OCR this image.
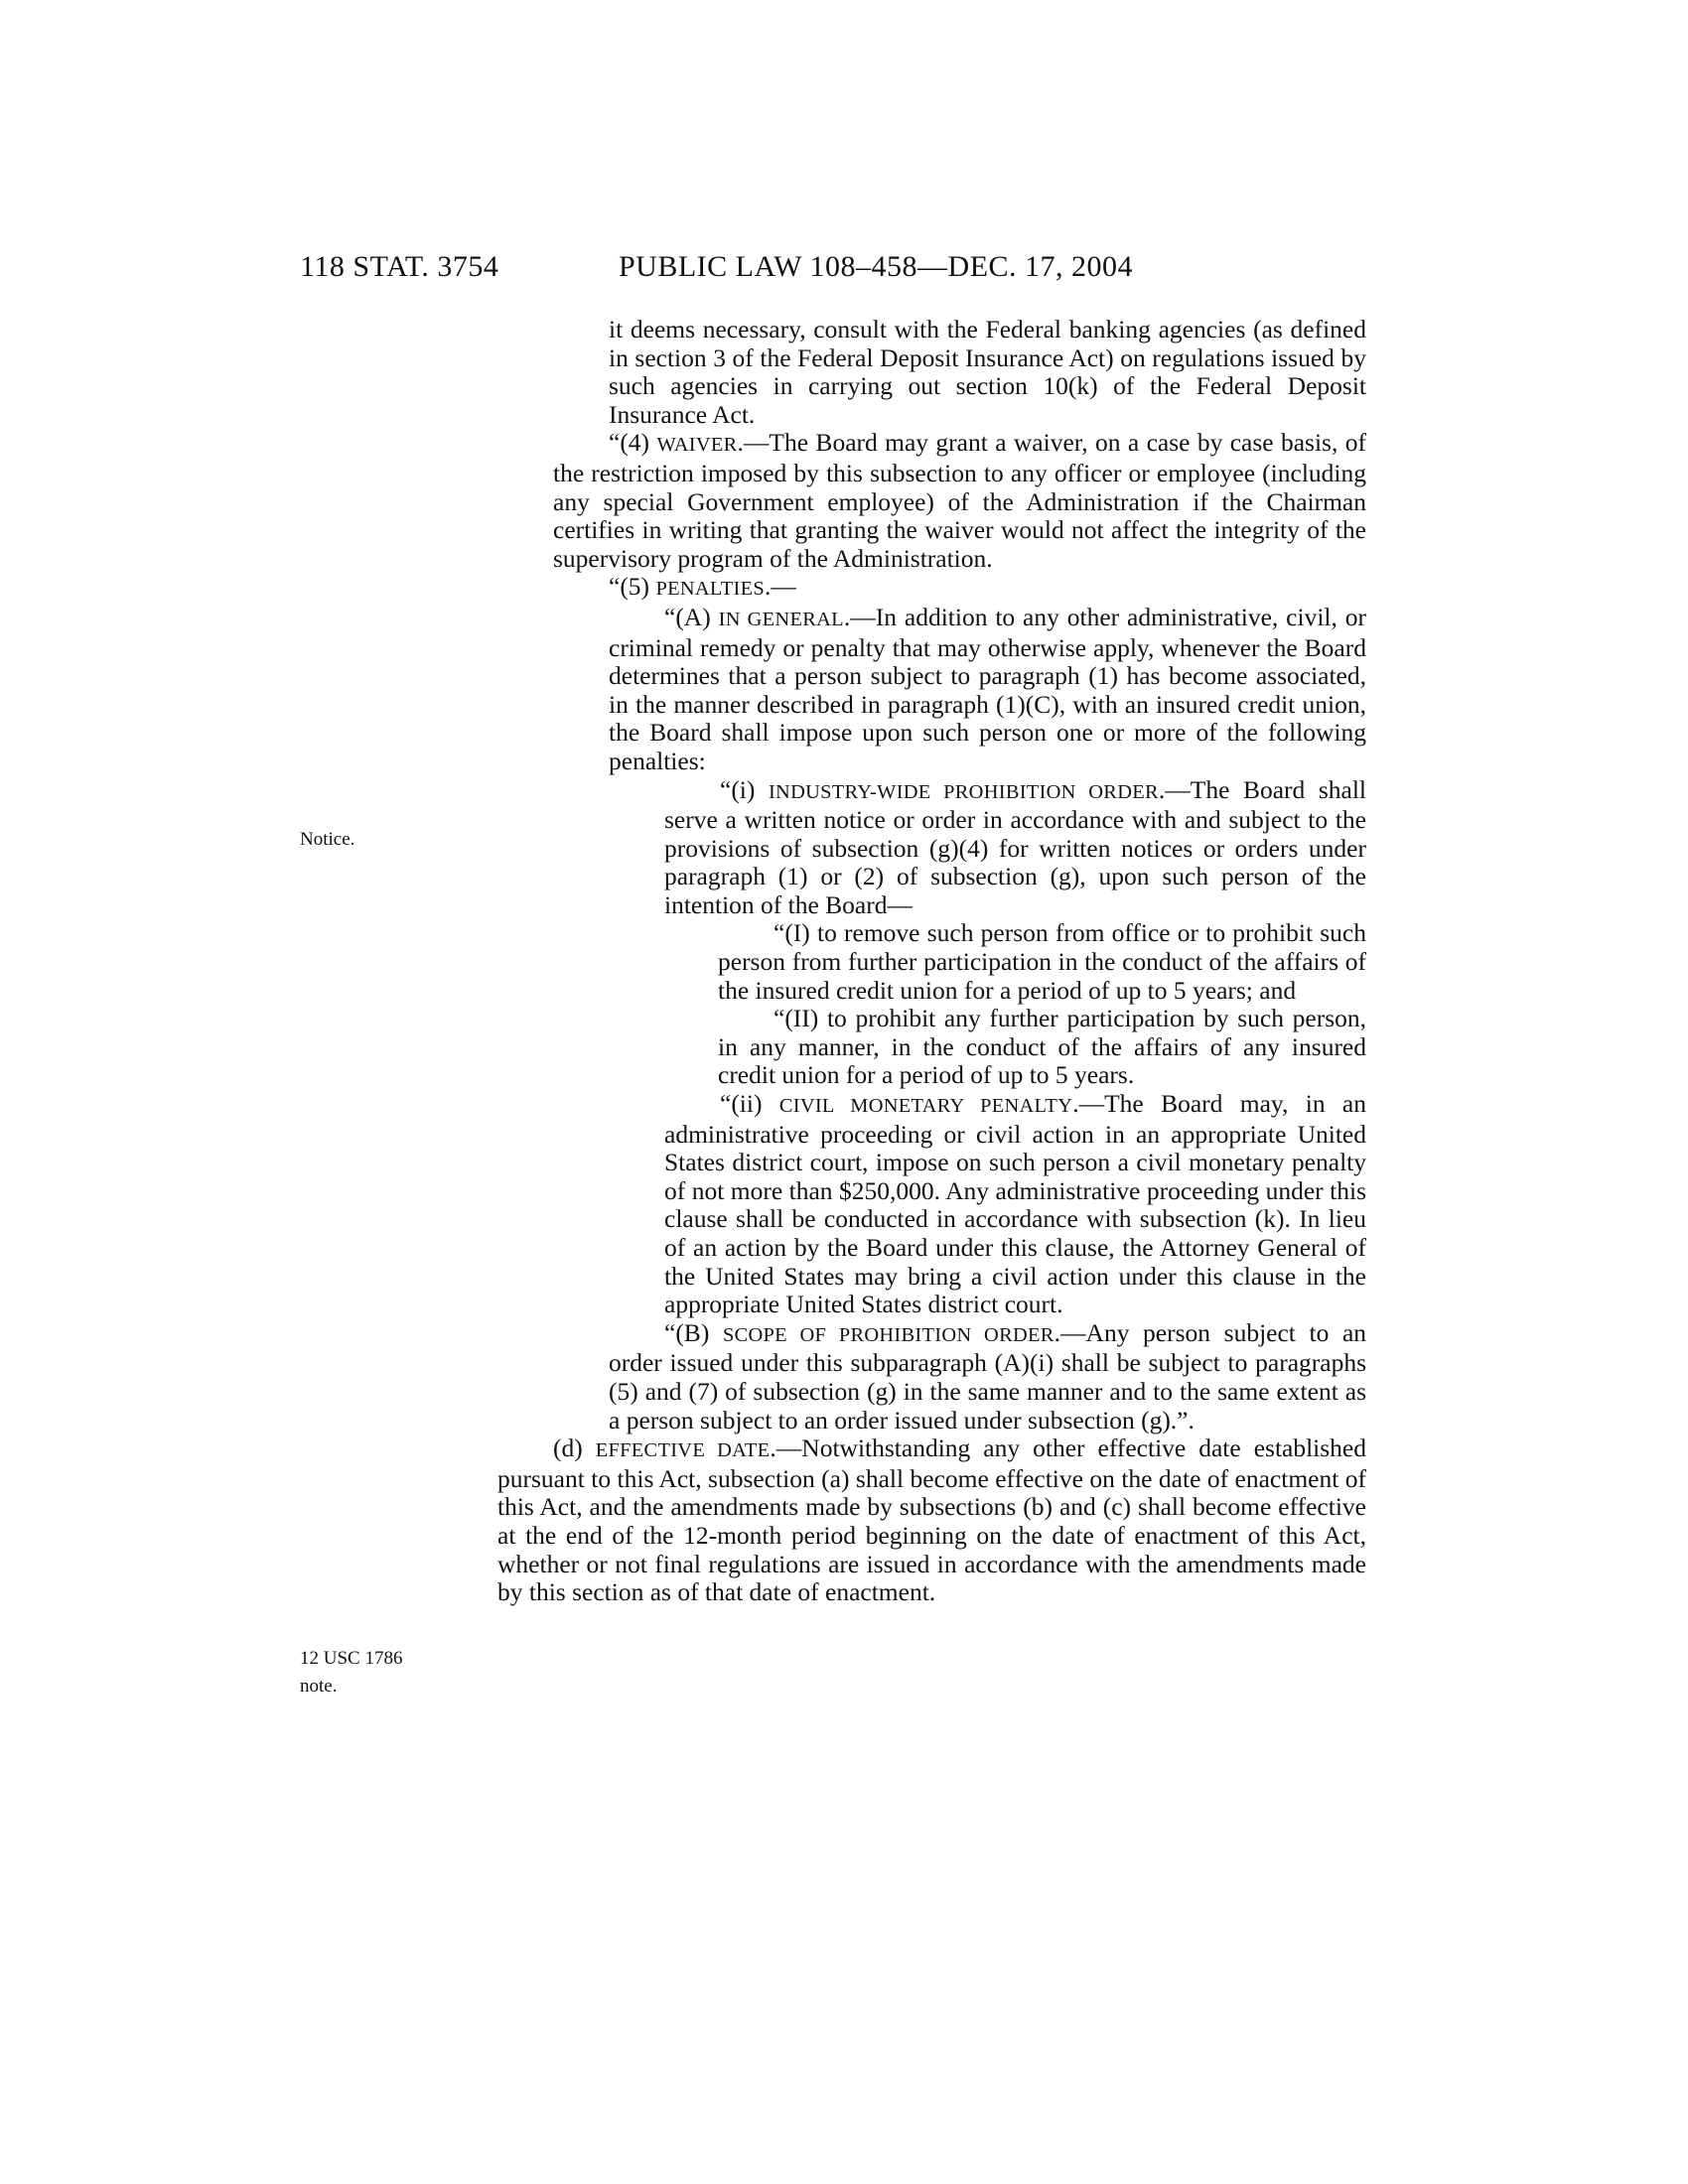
118 STAT. 3754	PUBLIC LAW 108–458—DEC. 17, 2004
Notice.
12 USC 1786
note.

it deems necessary, consult with the Federal banking agencies (as defined in section 3 of the Federal Deposit Insurance Act) on regulations issued by such agencies in carrying out section 10(k) of the Federal Deposit Insurance Act.

“(4) WAIVER.—The Board may grant a waiver, on a case by case basis, of the restriction imposed by this subsection to any officer or employee (including any special Government employee) of the Administration if the Chairman certifies in writing that granting the waiver would not affect the integrity of the supervisory program of the Administration.

“(5) PENALTIES.—

“(A) IN GENERAL.—In addition to any other administrative, civil, or criminal remedy or penalty that may otherwise apply, whenever the Board determines that a person subject to paragraph (1) has become associated, in the manner described in paragraph (1)(C), with an insured credit union, the Board shall impose upon such person one or more of the following penalties:

“(i) INDUSTRY-WIDE PROHIBITION ORDER.—The Board shall serve a written notice or order in accordance with and subject to the provisions of subsection (g)(4) for written notices or orders under paragraph (1) or (2) of subsection (g), upon such person of the intention of the Board—

“(I) to remove such person from office or to prohibit such person from further participation in the conduct of the affairs of the insured credit union for a period of up to 5 years; and

“(II) to prohibit any further participation by such person, in any manner, in the conduct of the affairs of any insured credit union for a period of up to 5 years.

“(ii) CIVIL MONETARY PENALTY.—The Board may, in an administrative proceeding or civil action in an appropriate United States district court, impose on such person a civil monetary penalty of not more than $250,000. Any administrative proceeding under this clause shall be conducted in accordance with subsection (k). In lieu of an action by the Board under this clause, the Attorney General of the United States may bring a civil action under this clause in the appropriate United States district court.

“(B) SCOPE OF PROHIBITION ORDER.—Any person subject to an order issued under this subparagraph (A)(i) shall be subject to paragraphs (5) and (7) of subsection (g) in the same manner and to the same extent as a person subject to an order issued under subsection (g).”.

(d) EFFECTIVE DATE.—Notwithstanding any other effective date established pursuant to this Act, subsection (a) shall become effective on the date of enactment of this Act, and the amendments made by subsections (b) and (c) shall become effective at the end of the 12-month period beginning on the date of enactment of this Act, whether or not final regulations are issued in accordance with the amendments made by this section as of that date of enactment.
